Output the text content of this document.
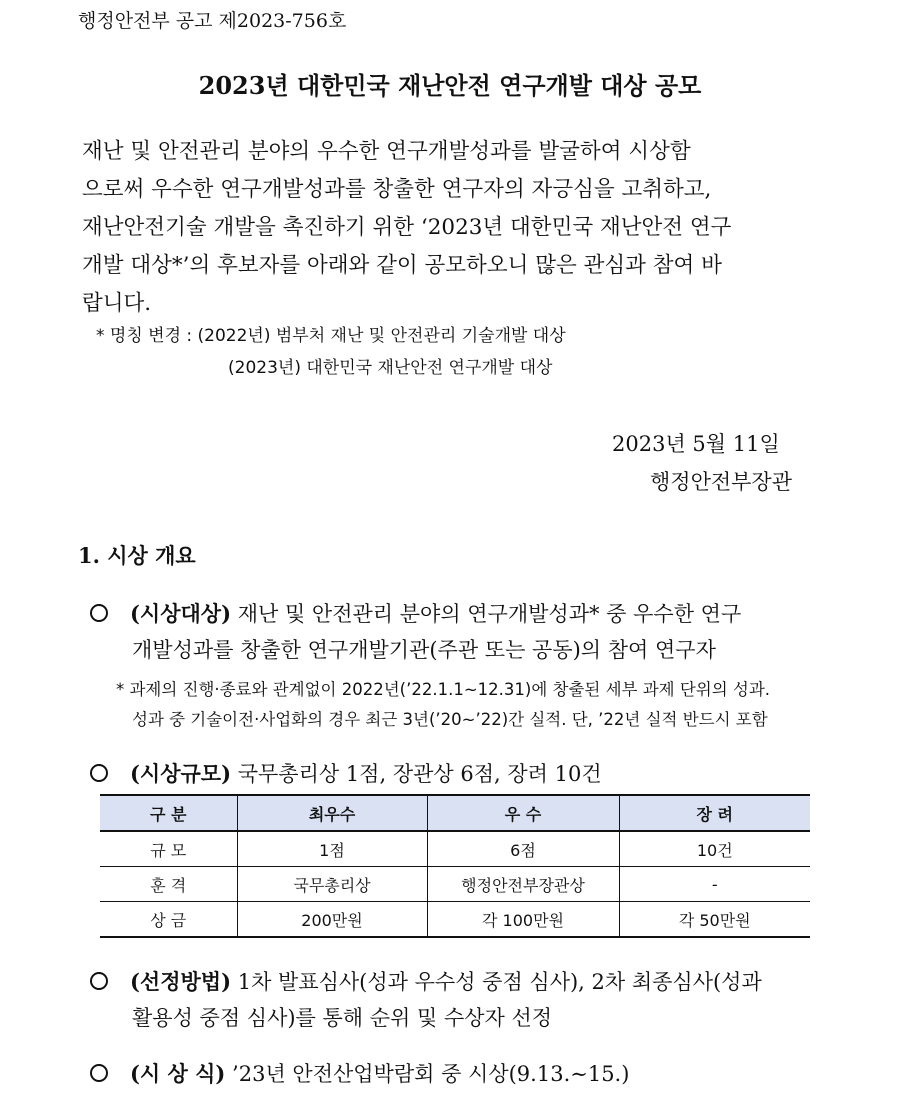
행정안전부 공고 제2023-756호
2023년 대한민국 재난안전 연구개발 대상 공모
재난 및 안전관리 분야의 우수한 연구개발성과를 발굴하여 시상함
으로써 우수한 연구개발성과를 창출한 연구자의 자긍심을 고취하고,
재난안전기술 개발을 촉진하기 위한 ‘2023년 대한민국 재난안전 연구
개발 대상*’의 후보자를 아래와 같이 공모하오니 많은 관심과 참여 바
랍니다.
* 명칭 변경 : (2022년) 범부처 재난 및 안전관리 기술개발 대상
(2023년) 대한민국 재난안전 연구개발 대상
2023년 5월 11일
행정안전부장관
1. 시상 개요
(시상대상) 재난 및 안전관리 분야의 연구개발성과* 중 우수한 연구
개발성과를 창출한 연구개발기관(주관 또는 공동)의 참여 연구자
* 과제의 진행·종료와 관계없이 2022년(’22.1.1∼12.31)에 창출된 세부 과제 단위의 성과.
성과 중 기술이전·사업화의 경우 최근 3년(’20∼’22)간 실적. 단, ’22년 실적 반드시 포함
(시상규모) 국무총리상 1점, 장관상 6점, 장려 10건
구 분	최우수	우 수	장 려
규 모	1점	6점	10건
훈 격	국무총리상	행정안전부장관상	-
상 금	200만원	각 100만원	각 50만원
(선정방법) 1차 발표심사(성과 우수성 중점 심사), 2차 최종심사(성과
활용성 중점 심사)를 통해 순위 및 수상자 선정
(시 상 식) ’23년 안전산업박람회 중 시상(9.13.∼15.)
